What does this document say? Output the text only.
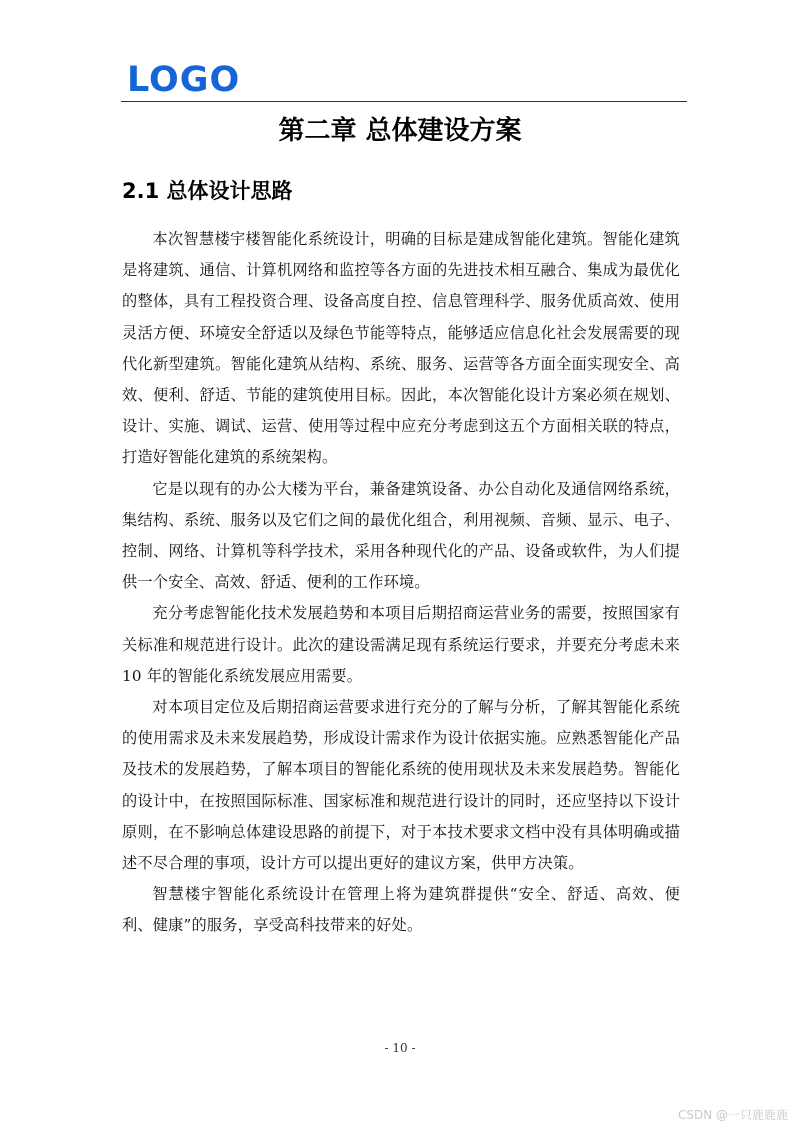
LOGO
第二章 总体建设方案
2.1 总体设计思路

本次智慧楼宇楼智能化系统设计，明确的目标是建成智能化建筑。智能化建筑是将建筑、通信、计算机网络和监控等各方面的先进技术相互融合、集成为最优化的整体，具有工程投资合理、设备高度自控、信息管理科学、服务优质高效、使用灵活方便、环境安全舒适以及绿色节能等特点，能够适应信息化社会发展需要的现代化新型建筑。智能化建筑从结构、系统、服务、运营等各方面全面实现安全、高效、便利、舒适、节能的建筑使用目标。因此，本次智能化设计方案必须在规划、设计、实施、调试、运营、使用等过程中应充分考虑到这五个方面相关联的特点，打造好智能化建筑的系统架构。

它是以现有的办公大楼为平台，兼备建筑设备、办公自动化及通信网络系统，集结构、系统、服务以及它们之间的最优化组合，利用视频、音频、显示、电子、控制、网络、计算机等科学技术，采用各种现代化的产品、设备或软件，为人们提供一个安全、高效、舒适、便利的工作环境。

充分考虑智能化技术发展趋势和本项目后期招商运营业务的需要，按照国家有关标准和规范进行设计。此次的建设需满足现有系统运行要求，并要充分考虑未来 10 年的智能化系统发展应用需要。

对本项目定位及后期招商运营要求进行充分的了解与分析，了解其智能化系统的使用需求及未来发展趋势，形成设计需求作为设计依据实施。应熟悉智能化产品及技术的发展趋势，了解本项目的智能化系统的使用现状及未来发展趋势。智能化的设计中，在按照国际标准、国家标准和规范进行设计的同时，还应坚持以下设计原则，在不影响总体建设思路的前提下，对于本技术要求文档中没有具体明确或描述不尽合理的事项，设计方可以提出更好的建议方案，供甲方决策。

智慧楼宇智能化系统设计在管理上将为建筑群提供“安全、舒适、高效、便利、健康”的服务，享受高科技带来的好处。

- 10 -
CSDN @一只鹿鹿鹿
